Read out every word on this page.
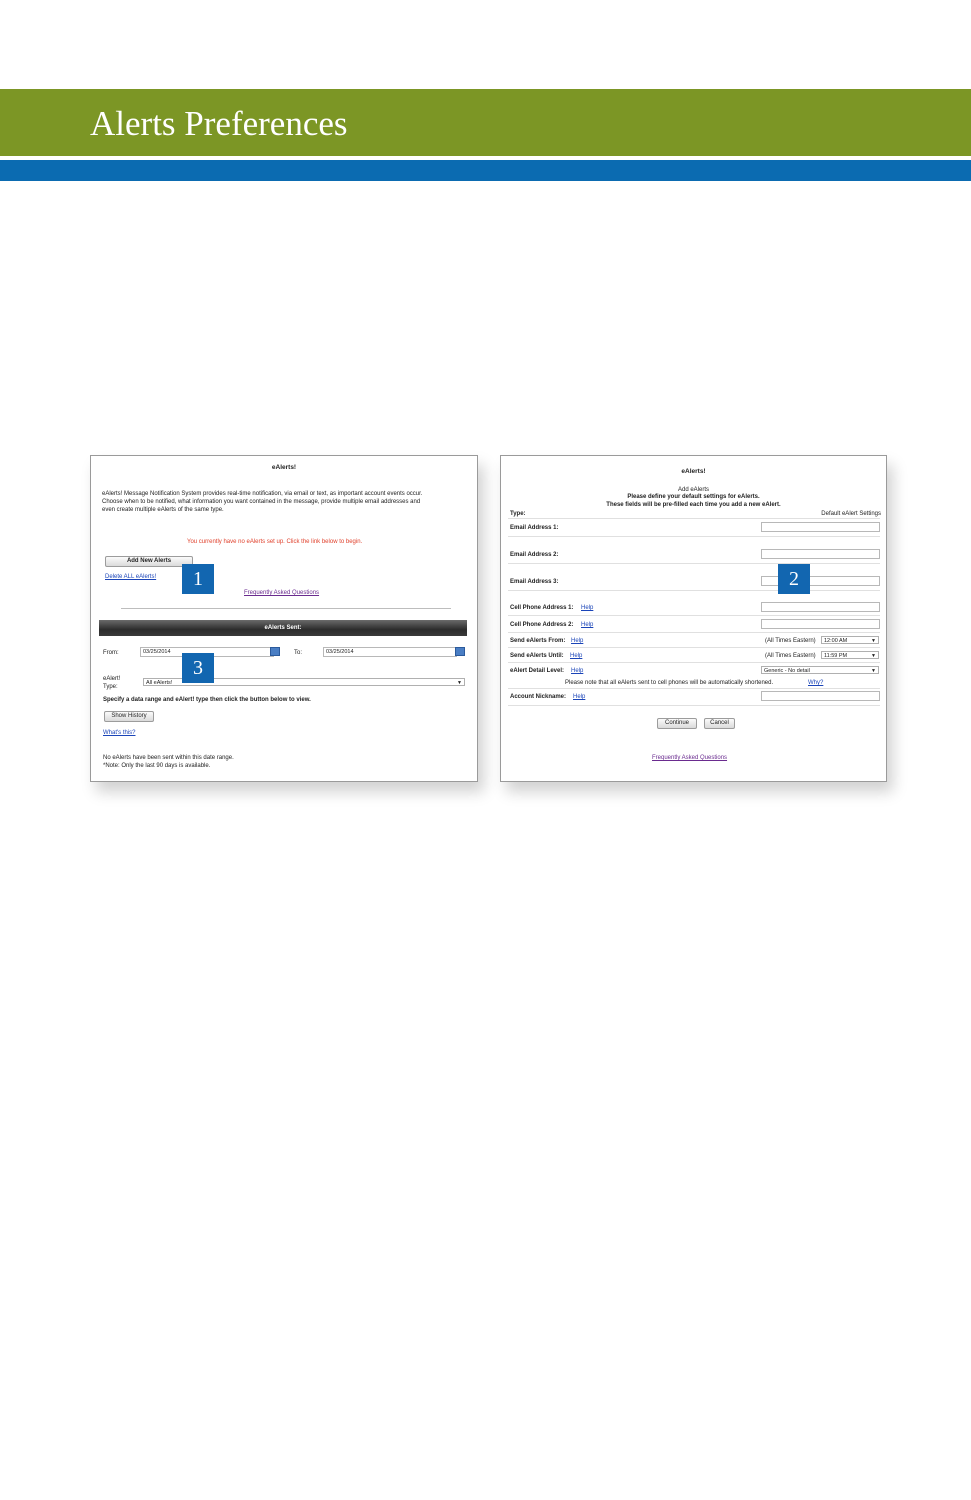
Alerts Preferences
eAlerts!
eAlerts! Message Notification System provides real-time notification, via email or text, as important account events occur.
Choose when to be notified, what information you want contained in the message, provide multiple email addresses and
even create multiple eAlerts of the same type.
You currently have no eAlerts set up. Click the link below to begin.
Add New Alerts
Delete ALL eAlerts!
Frequently Asked Questions
eAlerts Sent:
From:	03/25/2014	To:	03/25/2014
eAlert!
Type:
All eAlerts!	▼
Specify a data range and eAlert! type then click the button below to view.
Show History
What's this?
No eAlerts have been sent within this date range.
*Note: Only the last 90 days is available.
eAlerts!
Add eAlerts
Please define your default settings for eAlerts.
These fields will be pre-filled each time you add a new eAlert.
Type:	Default eAlert Settings
Email Address 1:
Email Address 2:
Email Address 3:
Cell Phone Address 1: Help
Cell Phone Address 2: Help
Send eAlerts From: Help	(All Times Eastern)	12:00 AM	▼
Send eAlerts Until: Help	(All Times Eastern)	11:59 PM	▼
eAlert Detail Level: Help	Generic - No detail	▼
Please note that all eAlerts sent to cell phones will be automatically shortened.	Why?
Account Nickname: Help
Continue	Cancel
Frequently Asked Questions
1	2
3
